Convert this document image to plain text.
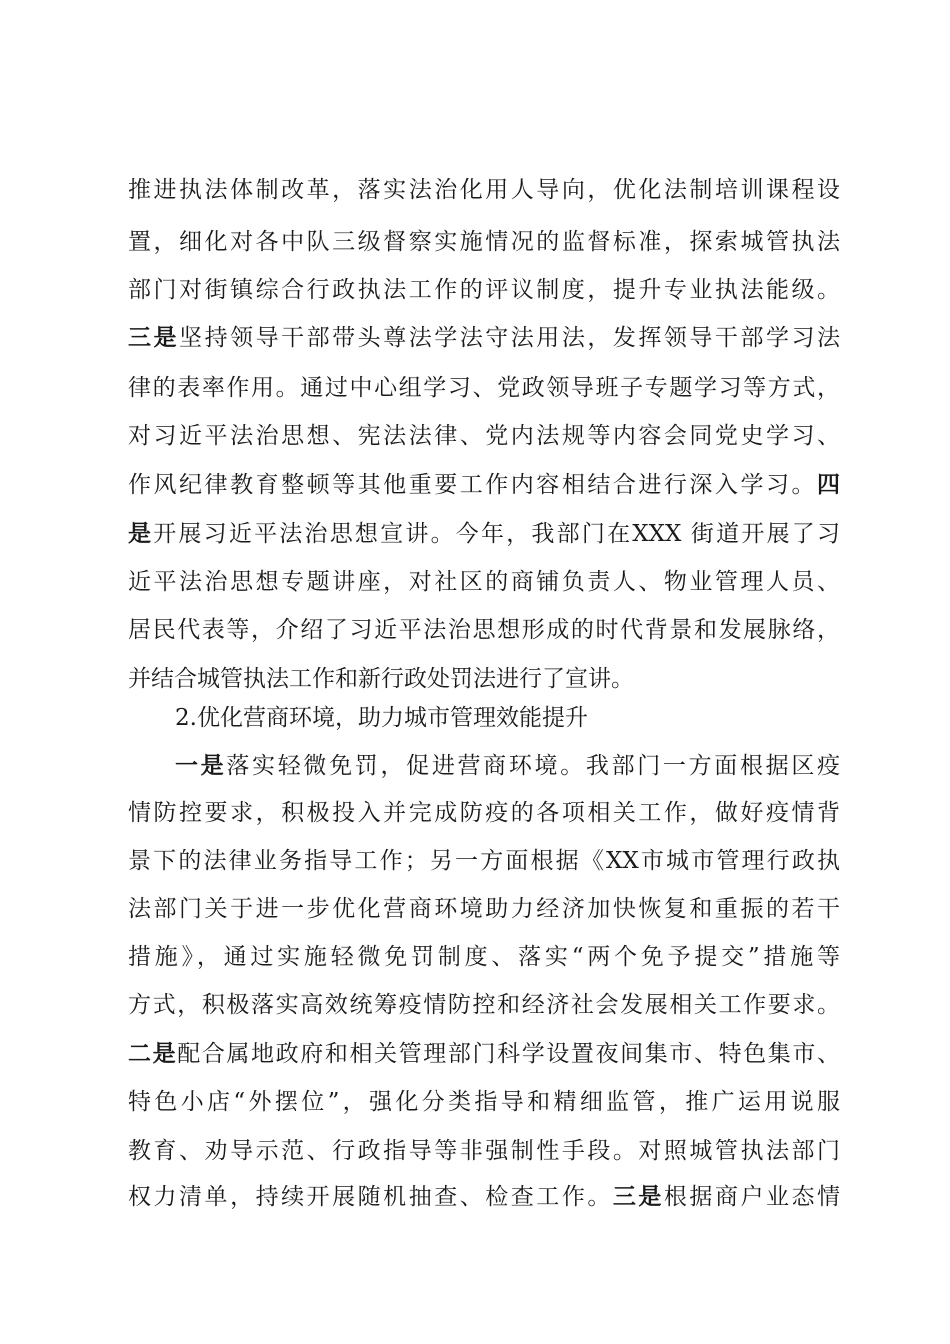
推进执法体制改革，落实法治化用人导向，优化法制培训课程设
置，细化对各中队三级督察实施情况的监督标准，探索城管执法
部门对街镇综合行政执法工作的评议制度，提升专业执法能级。
三是坚持领导干部带头尊法学法守法用法，发挥领导干部学习法
律的表率作用。通过中心组学习、党政领导班子专题学习等方式，
对习近平法治思想、宪法法律、党内法规等内容会同党史学习、
作风纪律教育整顿等其他重要工作内容相结合进行深入学习。四
是开展习近平法治思想宣讲。今年，我部门在XXX 街道开展了习
近平法治思想专题讲座，对社区的商铺负责人、物业管理人员、
居民代表等，介绍了习近平法治思想形成的时代背景和发展脉络，
并结合城管执法工作和新行政处罚法进行了宣讲。
2.优化营商环境，助力城市管理效能提升
一是落实轻微免罚，促进营商环境。我部门一方面根据区疫
情防控要求，积极投入并完成防疫的各项相关工作，做好疫情背
景下的法律业务指导工作；另一方面根据《XX市城市管理行政执
法部门关于进一步优化营商环境助力经济加快恢复和重振的若干
措施》，通过实施轻微免罚制度、落实“两个免予提交”措施等
方式，积极落实高效统筹疫情防控和经济社会发展相关工作要求。
二是配合属地政府和相关管理部门科学设置夜间集市、特色集市、
特色小店“外摆位”，强化分类指导和精细监管，推广运用说服
教育、劝导示范、行政指导等非强制性手段。对照城管执法部门
权力清单，持续开展随机抽查、检查工作。三是根据商户业态情
